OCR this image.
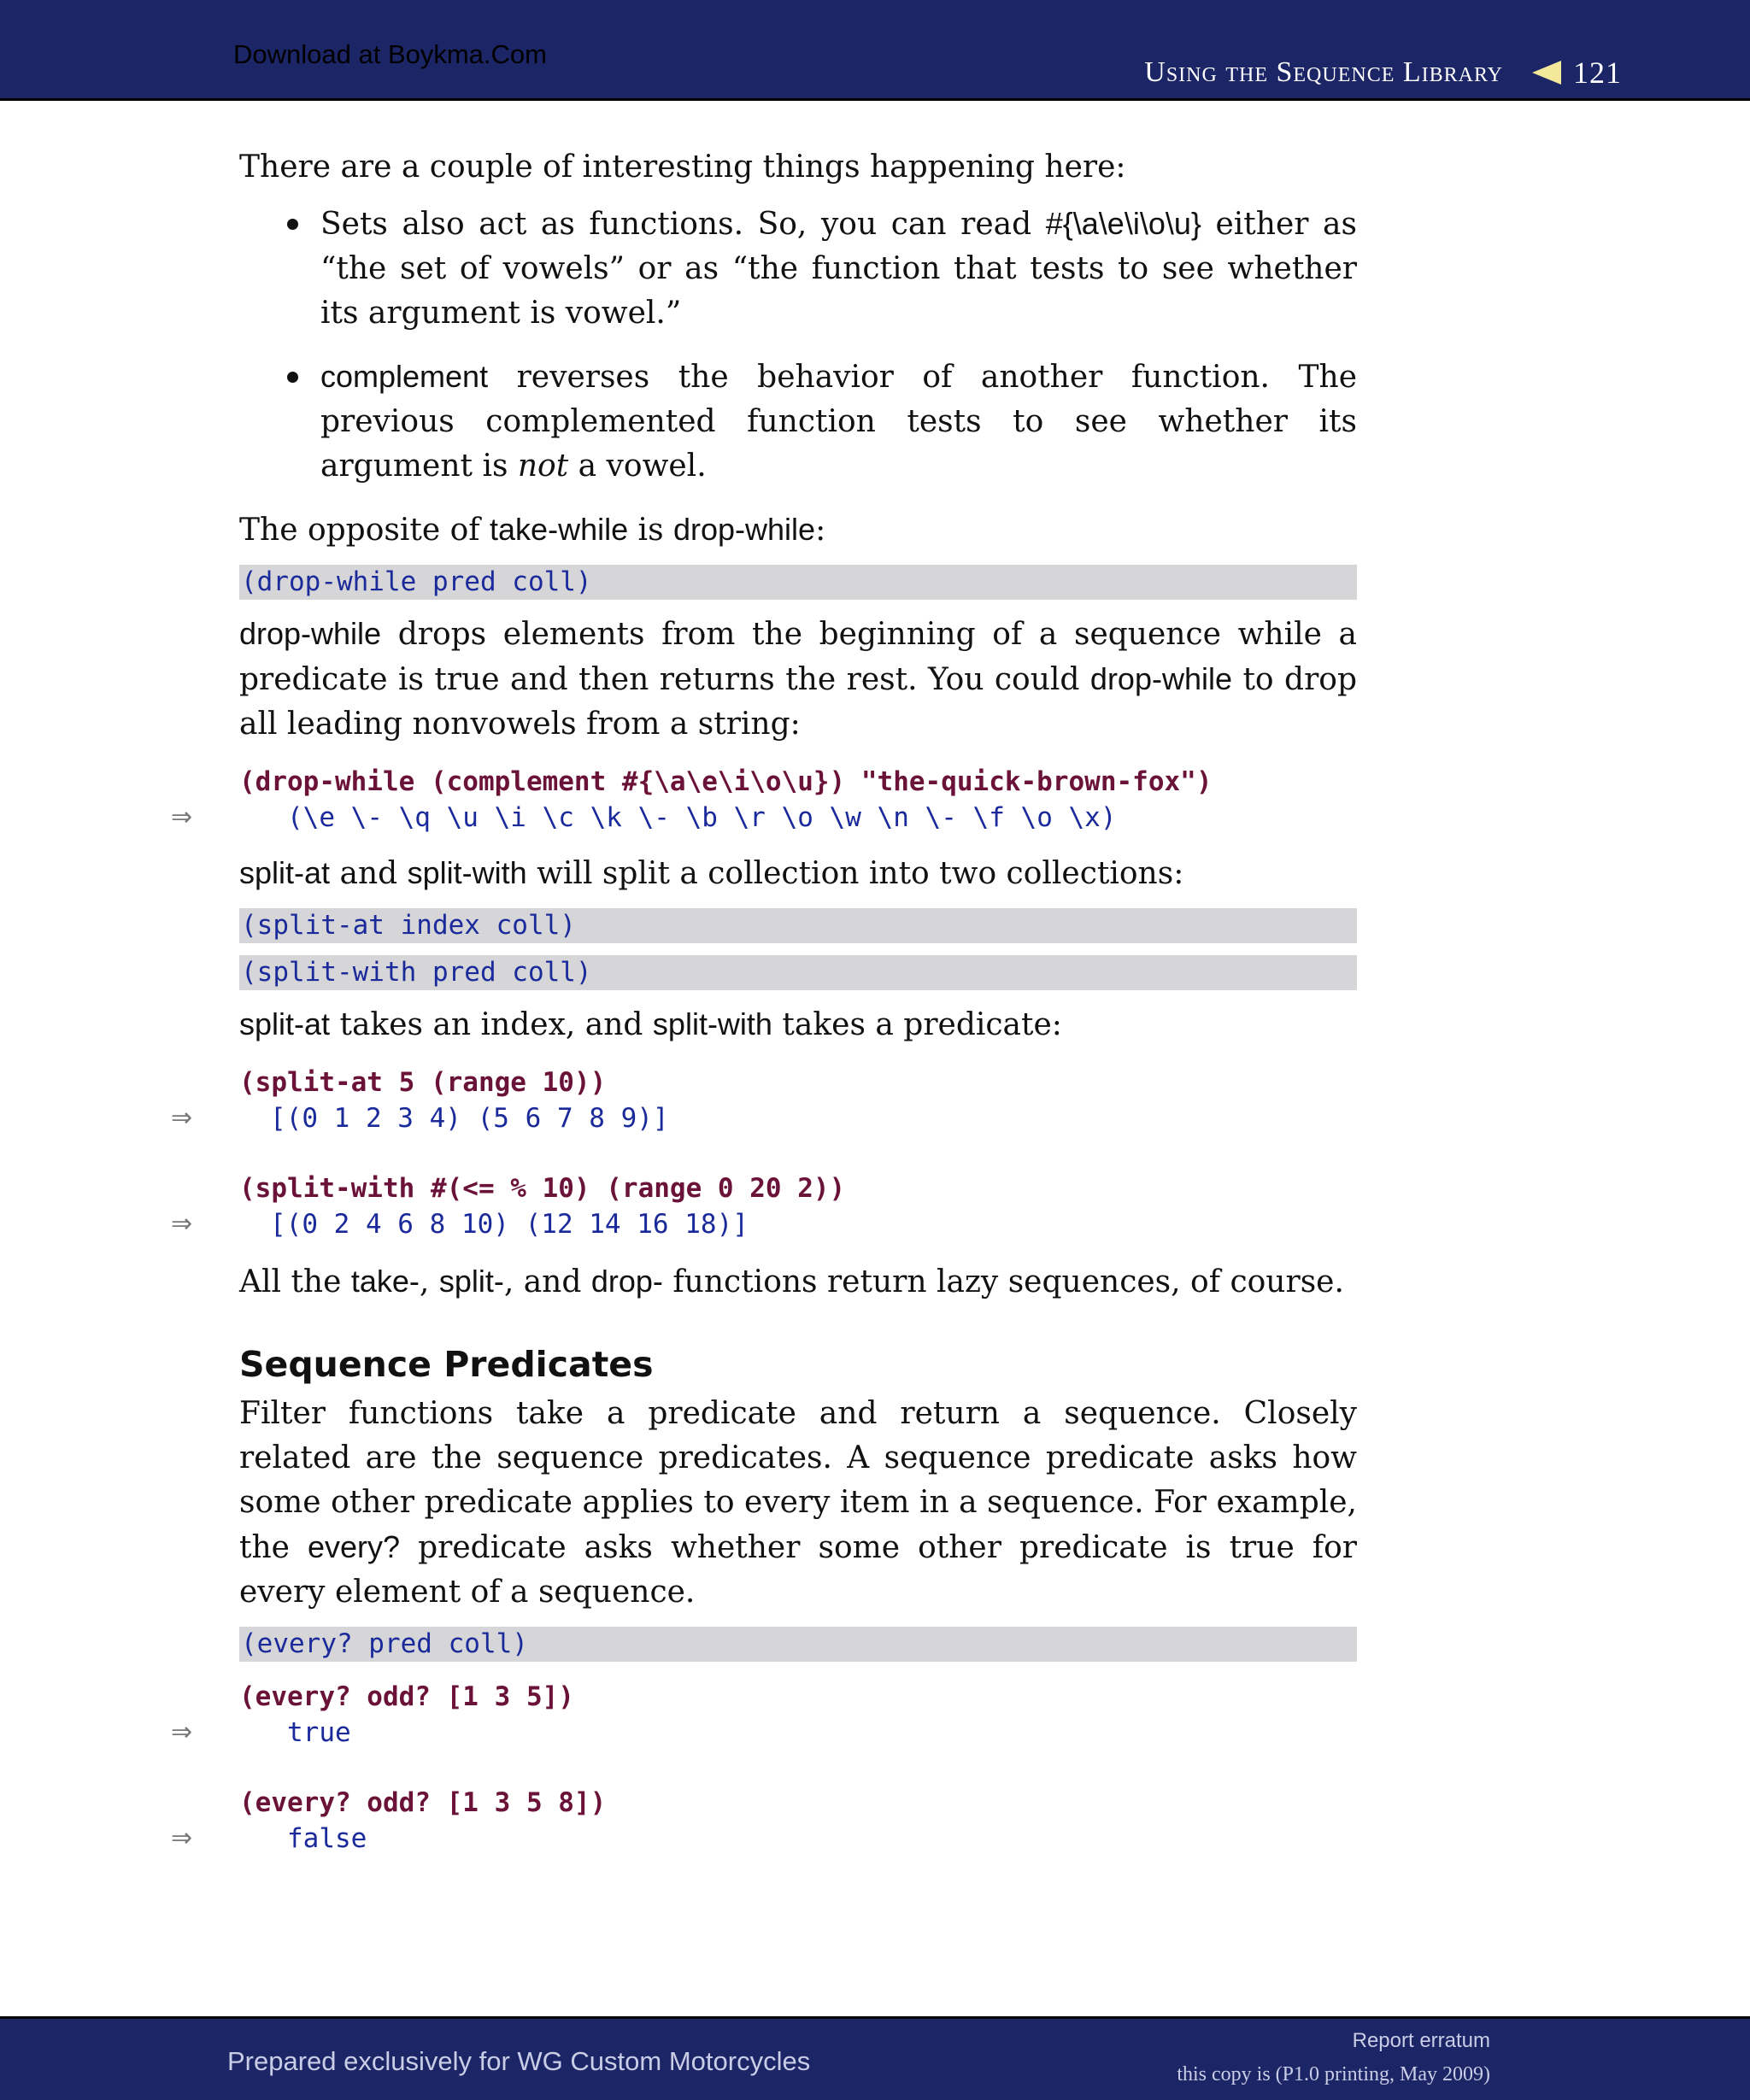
Download at Boykma.Com
Using the Sequence Library 121

There are a couple of interesting things happening here:

Sets also act as functions. So, you can read #{\a\e\i\o\u} either as “the set of vowels” or as “the function that tests to see whether its argument is vowel.”
complement reverses the behavior of another function. The previous complemented function tests to see whether its argument is not a vowel.

The opposite of take-while is drop-while:

(drop-while pred coll)

drop-while drops elements from the beginning of a sequence while a predicate is true and then returns the rest. You could drop-while to drop all leading nonvowels from a string:

(drop-while (complement #{\a\e\i\o\u}) "the-quick-brown-fox")
⇒	(\e \- \q \u \i \c \k \- \b \r \o \w \n \- \f \o \x)

split-at and split-with will split a collection into two collections:

(split-at index coll)
(split-with pred coll)

split-at takes an index, and split-with takes a predicate:

(split-at 5 (range 10))
⇒	[(0 1 2 3 4) (5 6 7 8 9)]
(split-with #(<= % 10) (range 0 20 2))
⇒	[(0 2 4 6 8 10) (12 14 16 18)]

All the take-, split-, and drop- functions return lazy sequences, of course.

Sequence Predicates

Filter functions take a predicate and return a sequence. Closely related are the sequence predicates. A sequence predicate asks how some other predicate applies to every item in a sequence. For example, the every? predicate asks whether some other predicate is true for every element of a sequence.

(every? pred coll)
(every? odd? [1 3 5])
⇒	true
(every? odd? [1 3 5 8])
⇒	false
Prepared exclusively for WG Custom Motorcycles
Report erratum
this copy is (P1.0 printing, May 2009)
